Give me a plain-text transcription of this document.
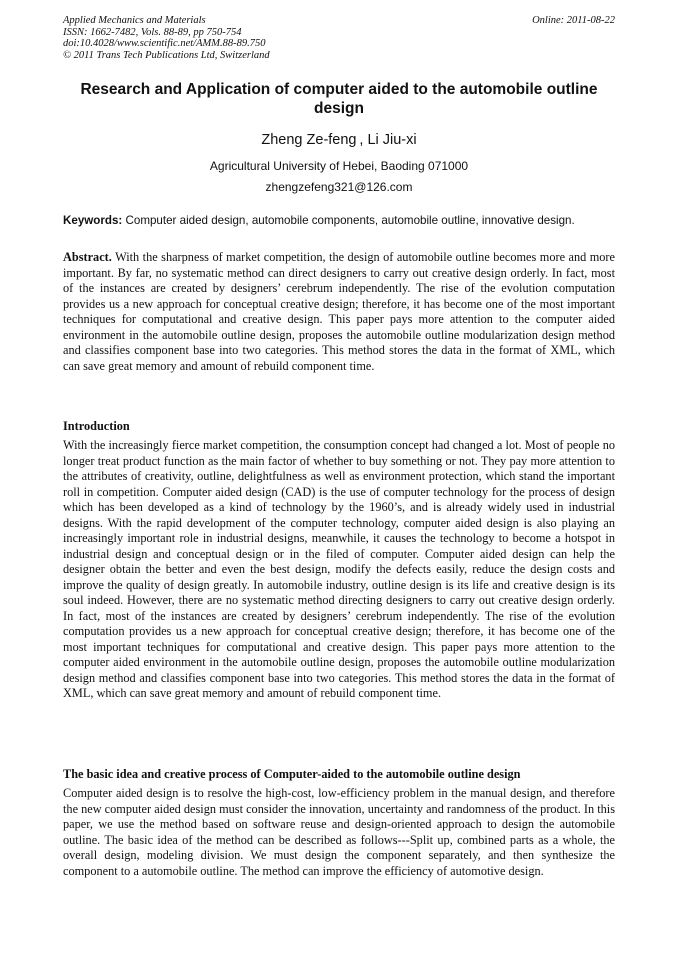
Applied Mechanics and Materials
ISSN: 1662-7482, Vols. 88-89, pp 750-754
doi:10.4028/www.scientific.net/AMM.88-89.750
© 2011 Trans Tech Publications Ltd, Switzerland
Online: 2011-08-22
Research and Application of computer aided to the automobile outline design
Zheng Ze-feng , Li Jiu-xi
Agricultural University of Hebei, Baoding 071000
zhengzefeng321@126.com
Keywords: Computer aided design, automobile components, automobile outline, innovative design.
Abstract. With the sharpness of market competition, the design of automobile outline becomes more and more important. By far, no systematic method can direct designers to carry out creative design orderly. In fact, most of the instances are created by designers’ cerebrum independently. The rise of the evolution computation provides us a new approach for conceptual creative design; therefore, it has become one of the most important techniques for computational and creative design. This paper pays more attention to the computer aided environment in the automobile outline design, proposes the automobile outline modularization design method and classifies component base into two categories. This method stores the data in the format of XML, which can save great memory and amount of rebuild component time.
Introduction
With the increasingly fierce market competition, the consumption concept had changed a lot. Most of people no longer treat product function as the main factor of whether to buy something or not. They pay more attention to the attributes of creativity, outline, delightfulness as well as environment protection, which stand the important roll in competition. Computer aided design (CAD) is the use of computer technology for the process of design which has been developed as a kind of technology by the 1960’s, and is already widely used in industrial designs. With the rapid development of the computer technology, computer aided design is also playing an increasingly important role in industrial designs, meanwhile, it causes the technology to become a hotspot in industrial design and conceptual design or in the filed of computer. Computer aided design can help the designer obtain the better and even the best design, modify the defects easily, reduce the design costs and improve the quality of design greatly. In automobile industry, outline design is its life and creative design is its soul indeed. However, there are no systematic method directing designers to carry out creative design orderly. In fact, most of the instances are created by designers’ cerebrum independently. The rise of the evolution computation provides us a new approach for conceptual creative design; therefore, it has become one of the most important techniques for computational and creative design. This paper pays more attention to the computer aided environment in the automobile outline design, proposes the automobile outline modularization design method and classifies component base into two categories. This method stores the data in the format of XML, which can save great memory and amount of rebuild component time.
The basic idea and creative process of Computer-aided to the automobile outline design
Computer aided design is to resolve the high-cost, low-efficiency problem in the manual design, and therefore the new computer aided design must consider the innovation, uncertainty and randomness of the product. In this paper, we use the method based on software reuse and design-oriented approach to design the automobile outline. The basic idea of the method can be described as follows---Split up, combined parts as a whole, the overall design, modeling division. We must design the component separately, and then synthesize the component to a automobile outline. The method can improve the efficiency of automotive design.
